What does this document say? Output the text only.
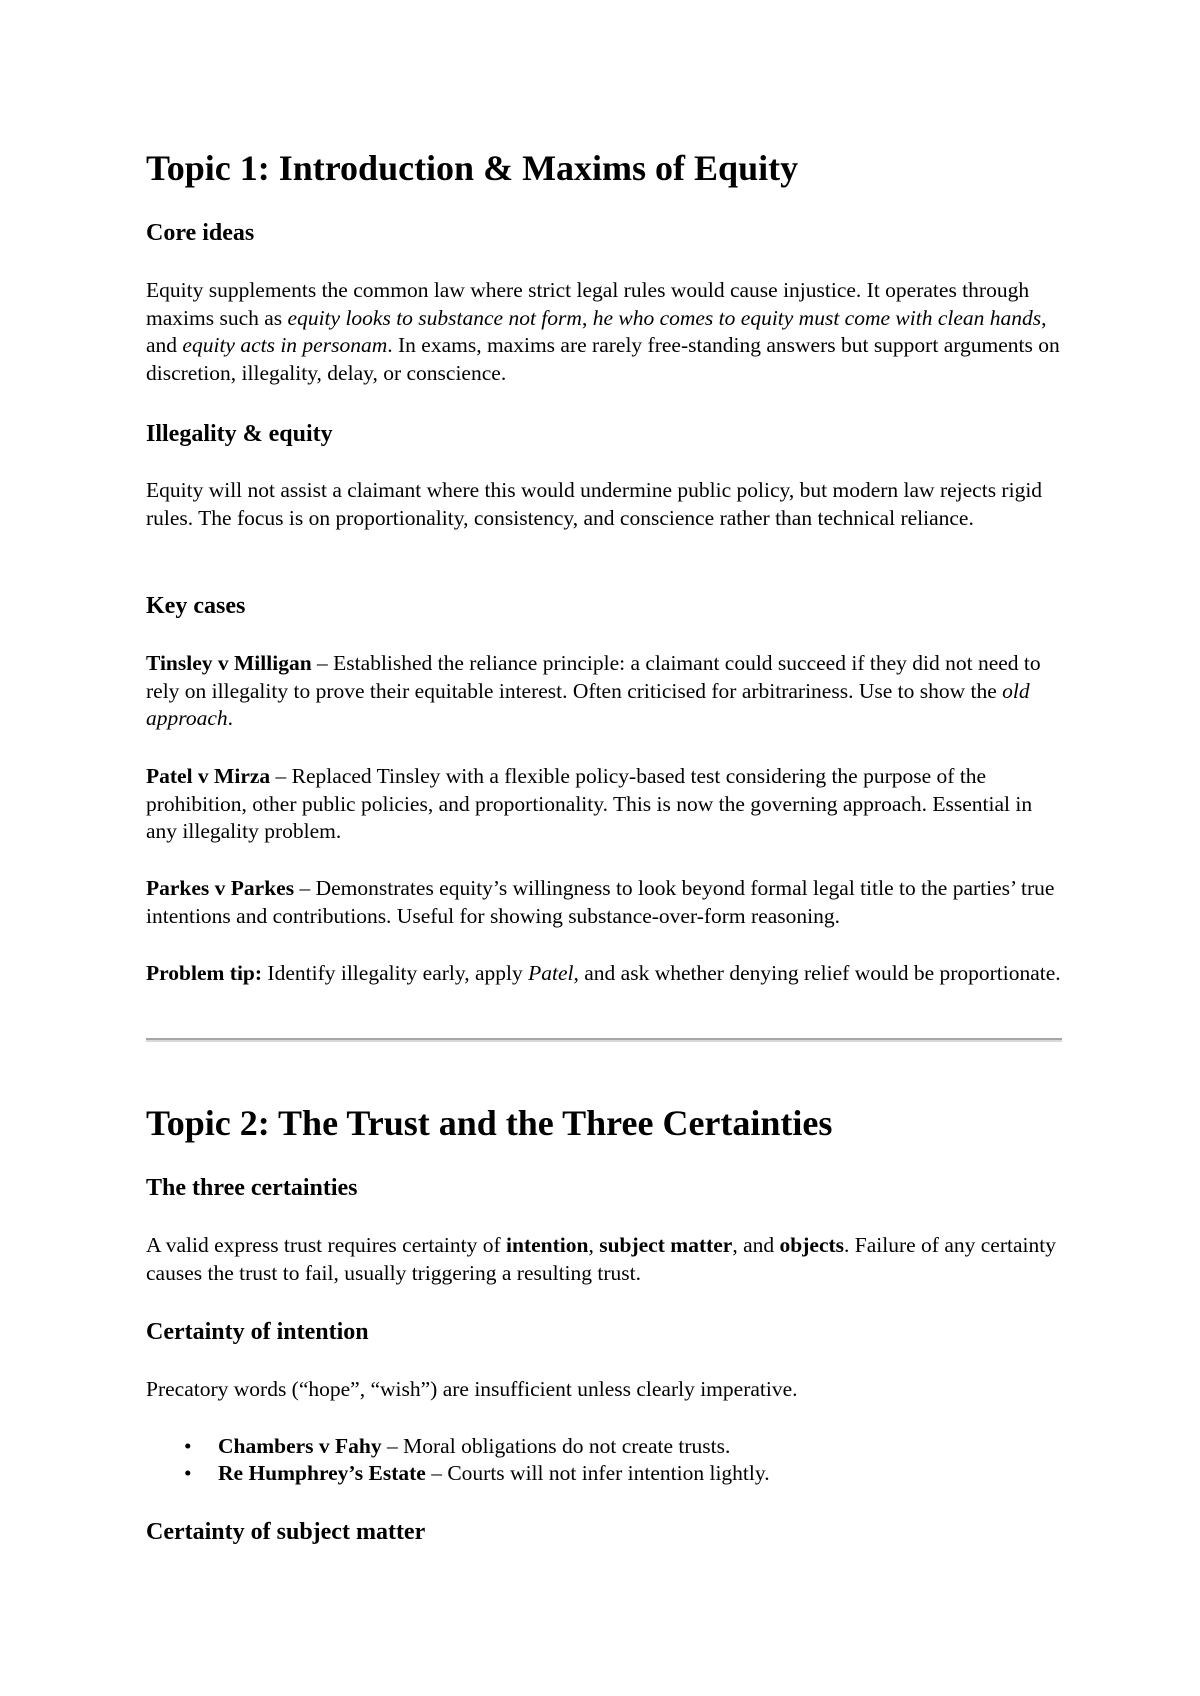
Topic 1: Introduction & Maxims of Equity
Core ideas

Equity supplements the common law where strict legal rules would cause injustice. It operates through maxims such as equity looks to substance not form, he who comes to equity must come with clean hands, and equity acts in personam. In exams, maxims are rarely free-standing answers but support arguments on discretion, illegality, delay, or conscience.

Illegality & equity

Equity will not assist a claimant where this would undermine public policy, but modern law rejects rigid rules. The focus is on proportionality, consistency, and conscience rather than technical reliance.

Key cases

Tinsley v Milligan – Established the reliance principle: a claimant could succeed if they did not need to rely on illegality to prove their equitable interest. Often criticised for arbitrariness. Use to show the old approach.

Patel v Mirza – Replaced Tinsley with a flexible policy-based test considering the purpose of the prohibition, other public policies, and proportionality. This is now the governing approach. Essential in any illegality problem.

Parkes v Parkes – Demonstrates equity’s willingness to look beyond formal legal title to the parties’ true intentions and contributions. Useful for showing substance-over-form reasoning.

Problem tip: Identify illegality early, apply Patel, and ask whether denying relief would be proportionate.

Topic 2: The Trust and the Three Certainties
The three certainties

A valid express trust requires certainty of intention, subject matter, and objects. Failure of any certainty causes the trust to fail, usually triggering a resulting trust.

Certainty of intention

Precatory words (“hope”, “wish”) are insufficient unless clearly imperative.

• Chambers v Fahy – Moral obligations do not create trusts.
• Re Humphrey’s Estate – Courts will not infer intention lightly.
Certainty of subject matter
